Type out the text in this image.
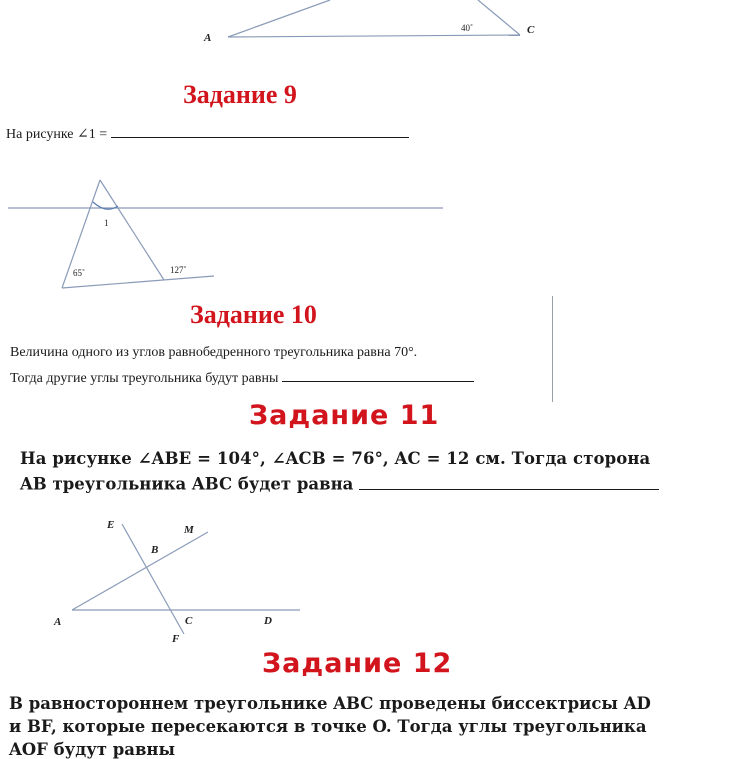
A
C
40˚
Задание 9
На рисунке ∠1 =
1
65˚	127˚
Задание 10
Величина одного из углов равнобедренного треугольника равна 70°.
Тогда другие углы треугольника будут равны
Задание 11
На рисунке ∠ABE = 104°, ∠ACB = 76°, AC = 12 см. Тогда сторона
AB треугольника ABC будет равна
E	M
B
A	C	D
F
Задание 12
В равностороннем треугольнике ABC проведены биссектрисы AD
и BF, которые пересекаются в точке O. Тогда углы треугольника
AOF будут равны
